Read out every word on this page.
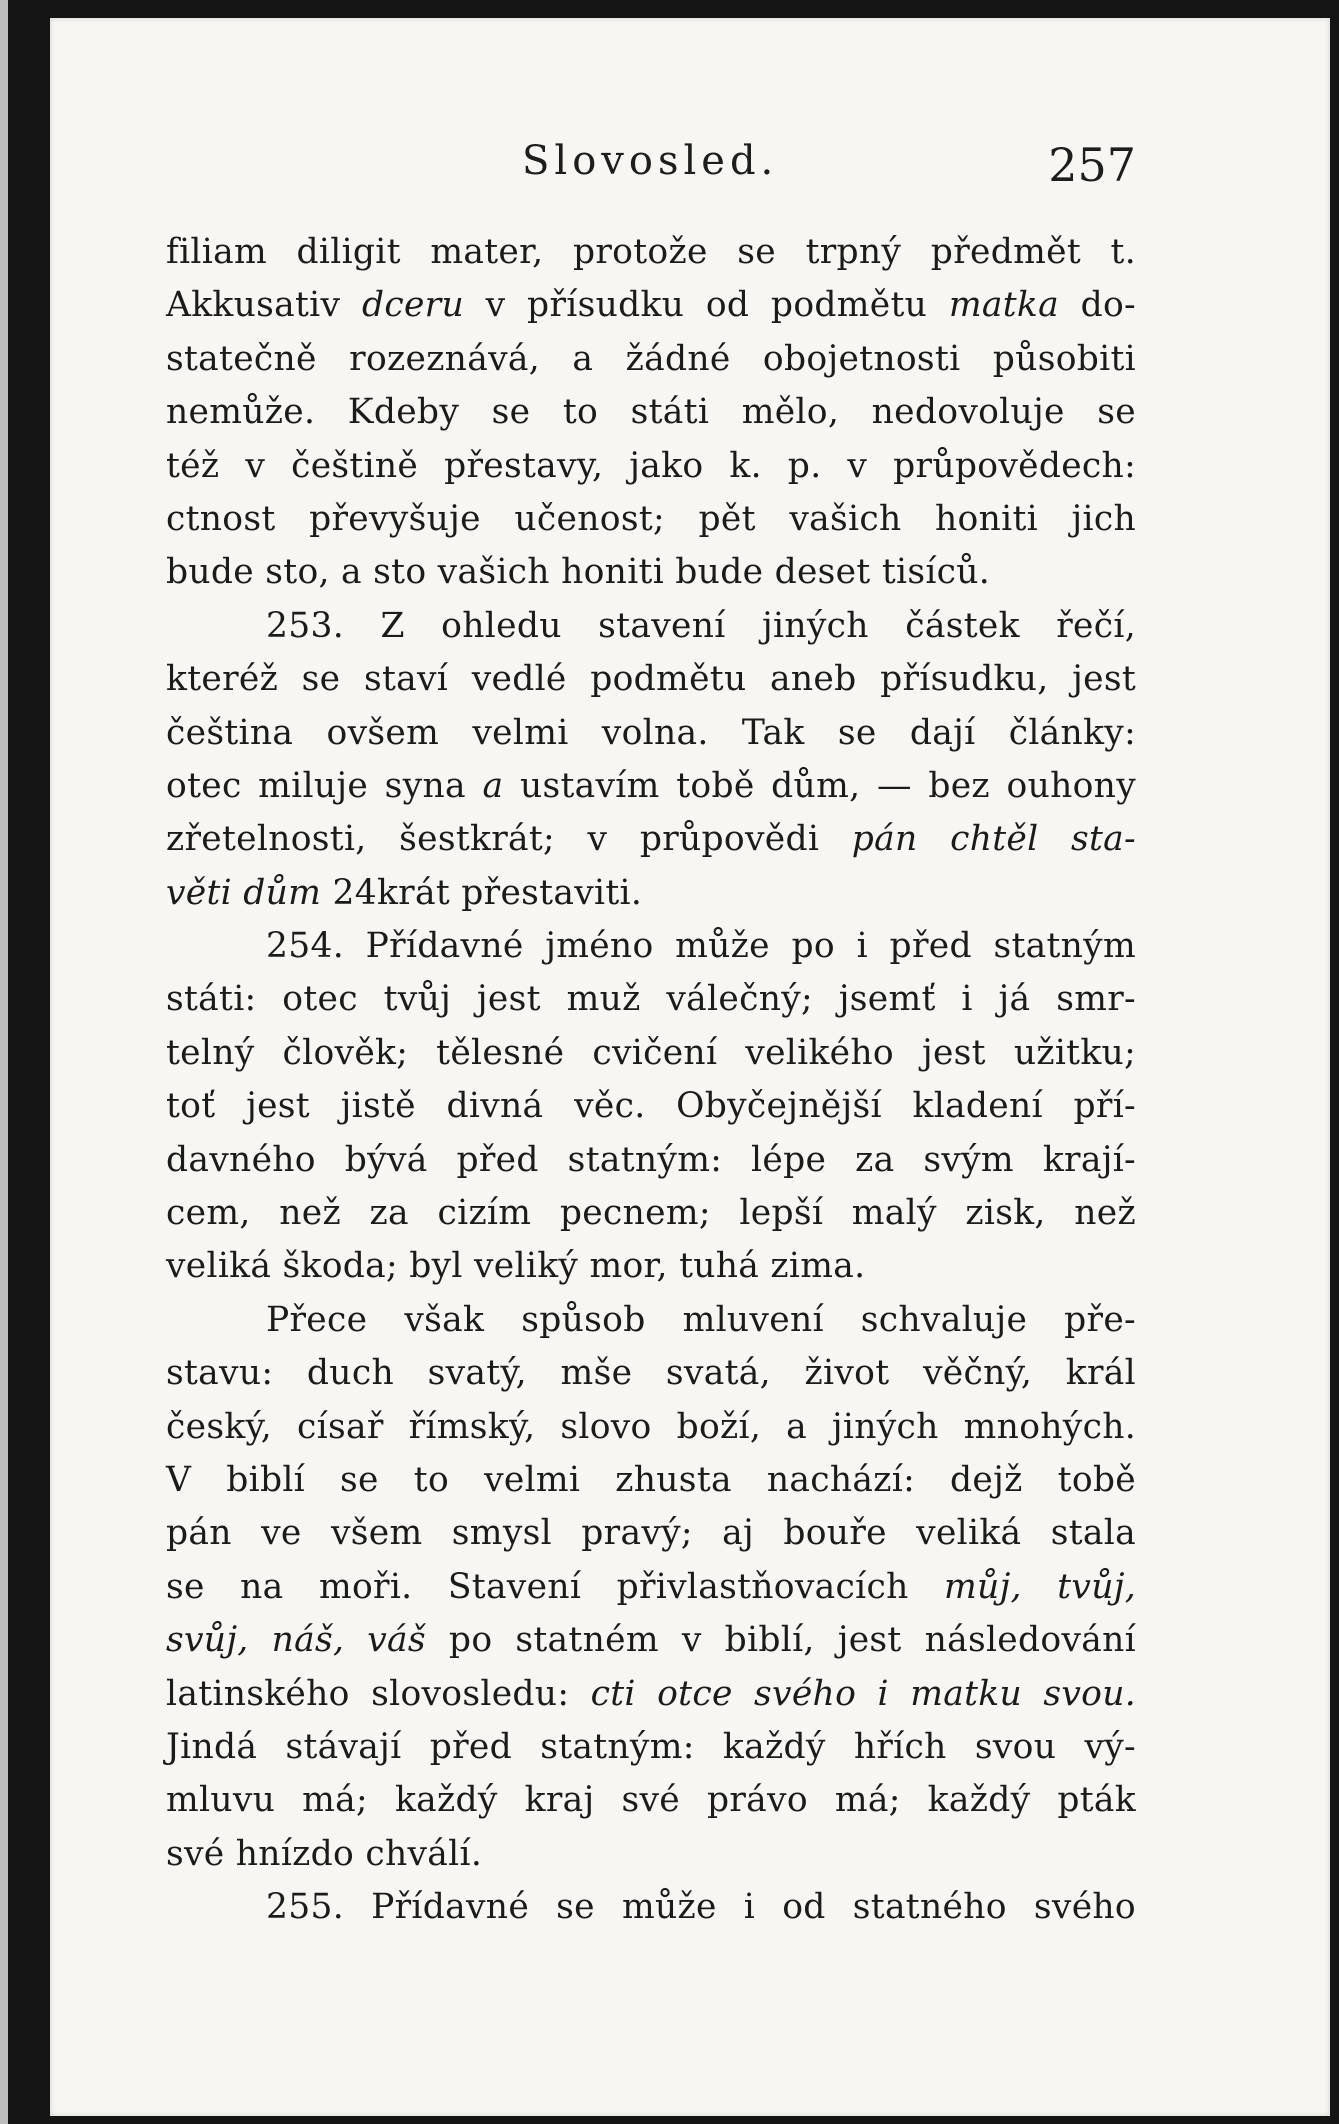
Slovosled.	257
filiam diligit mater, protože se trpný předmět t.
Akkusativ dceru v přísudku od podmětu matka do-
statečně rozeznává, a žádné obojetnosti působiti
nemůže. Kdeby se to státi mělo, nedovoluje se
též v češtině přestavy, jako k. p. v průpovědech:
ctnost převyšuje učenost; pět vašich honiti jich
bude sto, a sto vašich honiti bude deset tisíců.
253. Z ohledu stavení jiných částek řečí,
kteréž se staví vedlé podmětu aneb přísudku, jest
čeština ovšem velmi volna. Tak se dají články:
otec miluje syna a ustavím tobě dům, — bez ouhony
zřetelnosti, šestkrát; v průpovědi pán chtěl sta-
věti dům 24krát přestaviti.
254. Přídavné jméno může po i před statným
státi: otec tvůj jest muž válečný; jsemť i já smr-
telný člověk; tělesné cvičení velikého jest užitku;
toť jest jistě divná věc. Obyčejnější kladení pří-
davného bývá před statným: lépe za svým krají-
cem, než za cizím pecnem; lepší malý zisk, než
veliká škoda; byl veliký mor, tuhá zima.
Přece však spůsob mluvení schvaluje pře-
stavu: duch svatý, mše svatá, život věčný, král
český, císař římský, slovo boží, a jiných mnohých.
V biblí se to velmi zhusta nachází: dejž tobě
pán ve všem smysl pravý; aj bouře veliká stala
se na moři. Stavení přivlastňovacích můj, tvůj,
svůj, náš, váš po statném v biblí, jest následování
latinského slovosledu: cti otce svého i matku svou.
Jindá stávají před statným: každý hřích svou vý-
mluvu má; každý kraj své právo má; každý pták
své hnízdo chválí.
255. Přídavné se může i od statného svého
